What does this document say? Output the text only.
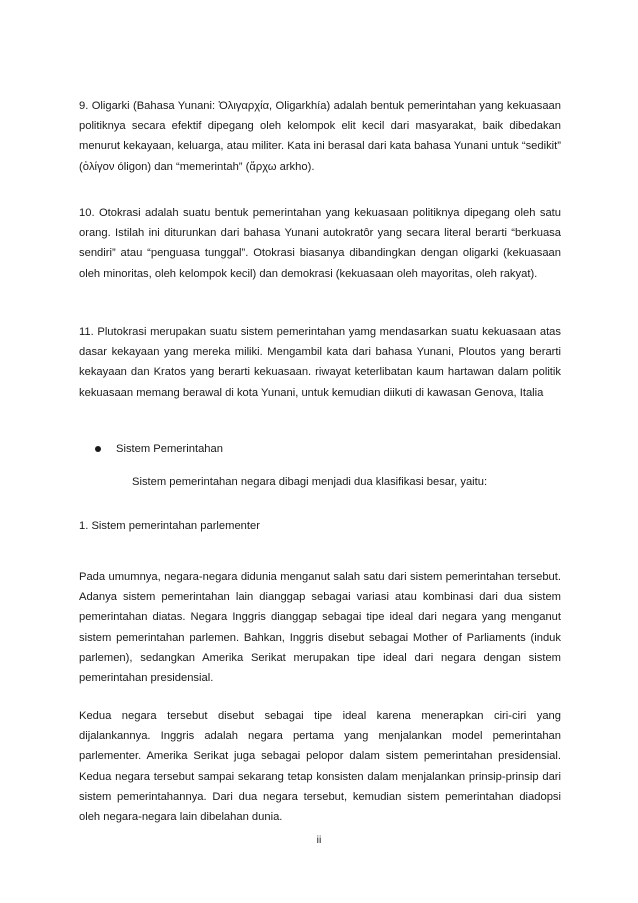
9. Oligarki (Bahasa Yunani: Ὀλιγαρχία, Oligarkhía) adalah bentuk pemerintahan yang kekuasaan politiknya secara efektif dipegang oleh kelompok elit kecil dari masyarakat, baik dibedakan menurut kekayaan, keluarga, atau militer. Kata ini berasal dari kata bahasa Yunani untuk “sedikit” (ὀλίγον óligon) dan “memerintah” (ἄρχω arkho).

10. Otokrasi adalah suatu bentuk pemerintahan yang kekuasaan politiknya dipegang oleh satu orang. Istilah ini diturunkan dari bahasa Yunani autokratôr yang secara literal berarti “berkuasa sendiri” atau “penguasa tunggal”. Otokrasi biasanya dibandingkan dengan oligarki (kekuasaan oleh minoritas, oleh kelompok kecil) dan demokrasi (kekuasaan oleh mayoritas, oleh rakyat).

11. Plutokrasi merupakan suatu sistem pemerintahan yamg mendasarkan suatu kekuasaan atas dasar kekayaan yang mereka miliki. Mengambil kata dari bahasa Yunani, Ploutos yang berarti kekayaan dan Kratos yang berarti kekuasaan. riwayat keterlibatan kaum hartawan dalam politik kekuasaan memang berawal di kota Yunani, untuk kemudian diikuti di kawasan Genova, Italia

Sistem Pemerintahan

Sistem pemerintahan negara dibagi menjadi dua klasifikasi besar, yaitu:

1. Sistem pemerintahan parlementer

Pada umumnya, negara-negara didunia menganut salah satu dari sistem pemerintahan tersebut. Adanya sistem pemerintahan lain dianggap sebagai variasi atau kombinasi dari dua sistem pemerintahan diatas. Negara Inggris dianggap sebagai tipe ideal dari negara yang menganut sistem pemerintahan parlemen. Bahkan, Inggris disebut sebagai Mother of Parliaments (induk parlemen), sedangkan Amerika Serikat merupakan tipe ideal dari negara dengan sistem pemerintahan presidensial.

Kedua negara tersebut disebut sebagai tipe ideal karena menerapkan ciri-ciri yang dijalankannya. Inggris adalah negara pertama yang menjalankan model pemerintahan parlementer. Amerika Serikat juga sebagai pelopor dalam sistem pemerintahan presidensial. Kedua negara tersebut sampai sekarang tetap konsisten dalam menjalankan prinsip-prinsip dari sistem pemerintahannya. Dari dua negara tersebut, kemudian sistem pemerintahan diadopsi oleh negara-negara lain dibelahan dunia.

ii
